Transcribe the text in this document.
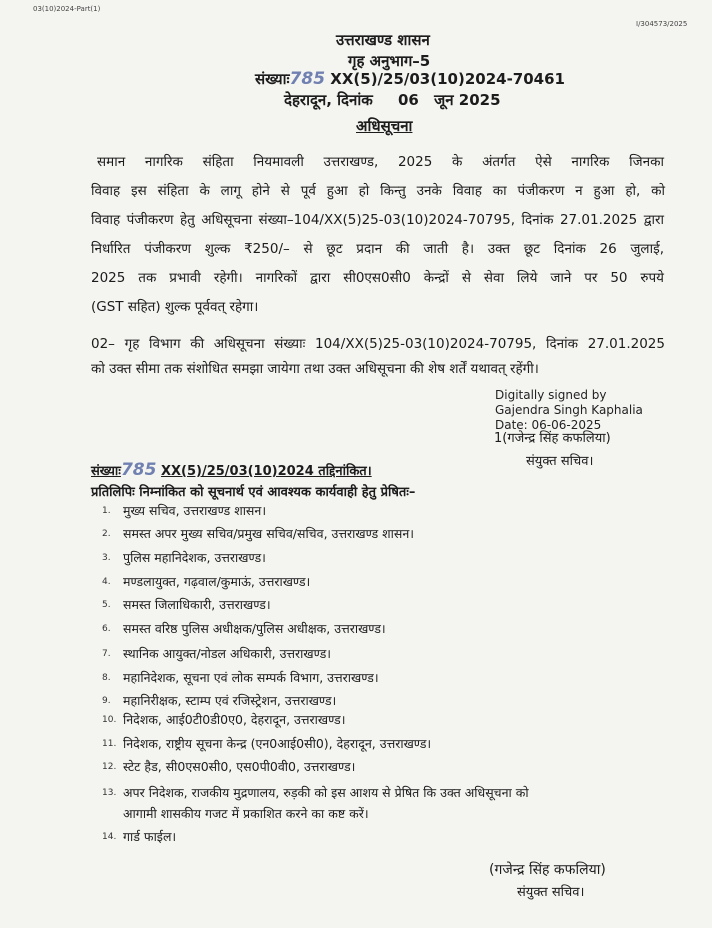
03(10)2024-Part(1)
I/304573/2025
उत्तराखण्ड शासन
गृह अनुभाग–5
संख्याः785 XX(5)/25/03(10)2024-70461
देहरादून, दिनांक 06 जून 2025
अधिसूचना
समान नागरिक संहिता नियमावली उत्तराखण्ड, 2025 के अंतर्गत ऐसे नागरिक जिनका
विवाह इस संहिता के लागू होने से पूर्व हुआ हो किन्तु उनके विवाह का पंजीकरण न हुआ हो, को
विवाह पंजीकरण हेतु अधिसूचना संख्या–104/XX(5)25-03(10)2024-70795, दिनांक 27.01.2025 द्वारा
निर्धारित पंजीकरण शुल्क ₹250/– से छूट प्रदान की जाती है। उक्त छूट दिनांक 26 जुलाई,
2025 तक प्रभावी रहेगी। नागरिकों द्वारा सी0एस0सी0 केन्द्रों से सेवा लिये जाने पर 50 रुपये
(GST सहित) शुल्क पूर्ववत् रहेगा।
02– गृह विभाग की अधिसूचना संख्याः 104/XX(5)25-03(10)2024-70795, दिनांक 27.01.2025
को उक्त सीमा तक संशोधित समझा जायेगा तथा उक्त अधिसूचना की शेष शर्तें यथावत् रहेंगी।
Digitally signed by
Gajendra Singh Kaphalia
Date: 06-06-2025
1(गजेन्द्र सिंह कफलिया)
संयुक्त सचिव।
संख्याः785 XX(5)/25/03(10)2024 तद्दिनांकित।
प्रतिलिपिः निम्नांकित को सूचनार्थ एवं आवश्यक कार्यवाही हेतु प्रेषितः–
1. मुख्य सचिव, उत्तराखण्ड शासन।
2. समस्त अपर मुख्य सचिव/प्रमुख सचिव/सचिव, उत्तराखण्ड शासन।
3. पुलिस महानिदेशक, उत्तराखण्ड।
4. मण्डलायुक्त, गढ़वाल/कुमाऊं, उत्तराखण्ड।
5. समस्त जिलाधिकारी, उत्तराखण्ड।
6. समस्त वरिष्ठ पुलिस अधीक्षक/पुलिस अधीक्षक, उत्तराखण्ड।
7. स्थानिक आयुक्त/नोडल अधिकारी, उत्तराखण्ड।
8. महानिदेशक, सूचना एवं लोक सम्पर्क विभाग, उत्तराखण्ड।
9. महानिरीक्षक, स्टाम्प एवं रजिस्ट्रेशन, उत्तराखण्ड।
10. निदेशक, आई0टी0डी0ए0, देहरादून, उत्तराखण्ड।
11. निदेशक, राष्ट्रीय सूचना केन्द्र (एन0आई0सी0), देहरादून, उत्तराखण्ड।
12. स्टेट हैड, सी0एस0सी0, एस0पी0वी0, उत्तराखण्ड।
13. अपर निदेशक, राजकीय मुद्रणालय, रुड़की को इस आशय से प्रेषित कि उक्त अधिसूचना को
आगामी शासकीय गजट में प्रकाशित करने का कष्ट करें।
14. गार्ड फाईल।
(गजेन्द्र सिंह कफलिया)
संयुक्त सचिव।
